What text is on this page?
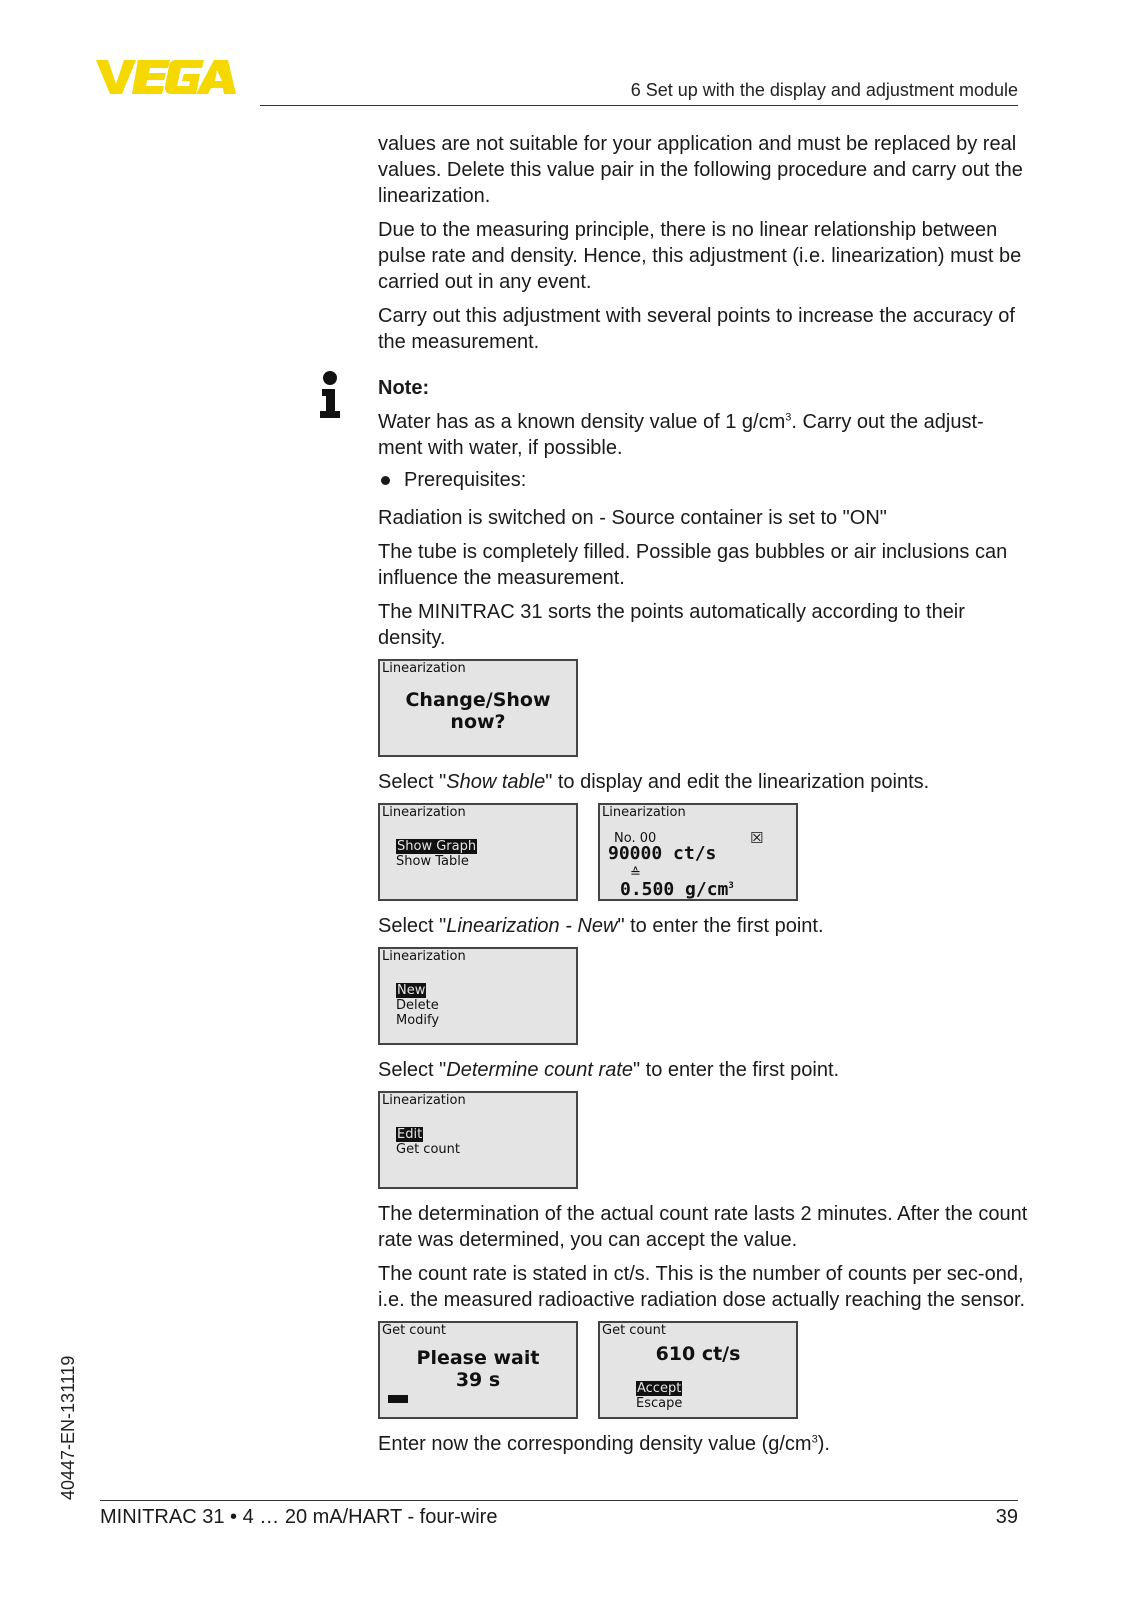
6 Set up with the display and adjustment module

values are not suitable for your application and must be replaced by real values. Delete this value pair in the following procedure and carry out the linearization.

Due to the measuring principle, there is no linear relationship between pulse rate and density. Hence, this adjustment (i.e. linearization) must be carried out in any event.

Carry out this adjustment with several points to increase the accuracy of the measurement.

Note:

Water has as a known density value of 1 $g/cm^3$. Carry out the adjust-ment with water, if possible.

Prerequisites:

Radiation is switched on - Source container is set to "ON"

The tube is completely filled. Possible gas bubbles or air inclusions can influence the measurement.

The MINITRAC 31 sorts the points automatically according to their density.

Linearization
Change/Show
now?

Select "Show table" to display and edit the linearization points.

Linearization
Show Graph
Show Table
Linearization
No. 00	☒
90000 ct/s
≙
0.500 $g/cm^3$

Select "Linearization - New" to enter the first point.

Linearization
New
Delete
Modify

Select "Determine count rate" to enter the first point.

Linearization
Edit
Get count

The determination of the actual count rate lasts 2 minutes. After the count rate was determined, you can accept the value.

The count rate is stated in ct/s. This is the number of counts per sec-ond, i.e. the measured radioactive radiation dose actually reaching the sensor.

Get count
Please wait
39 s
Get count
610 ct/s
Accept
Escape

Enter now the corresponding density value $(g/cm^3)$.

40447-EN-131119
MINITRAC 31 • 4 … 20 mA/HART - four-wire	39
